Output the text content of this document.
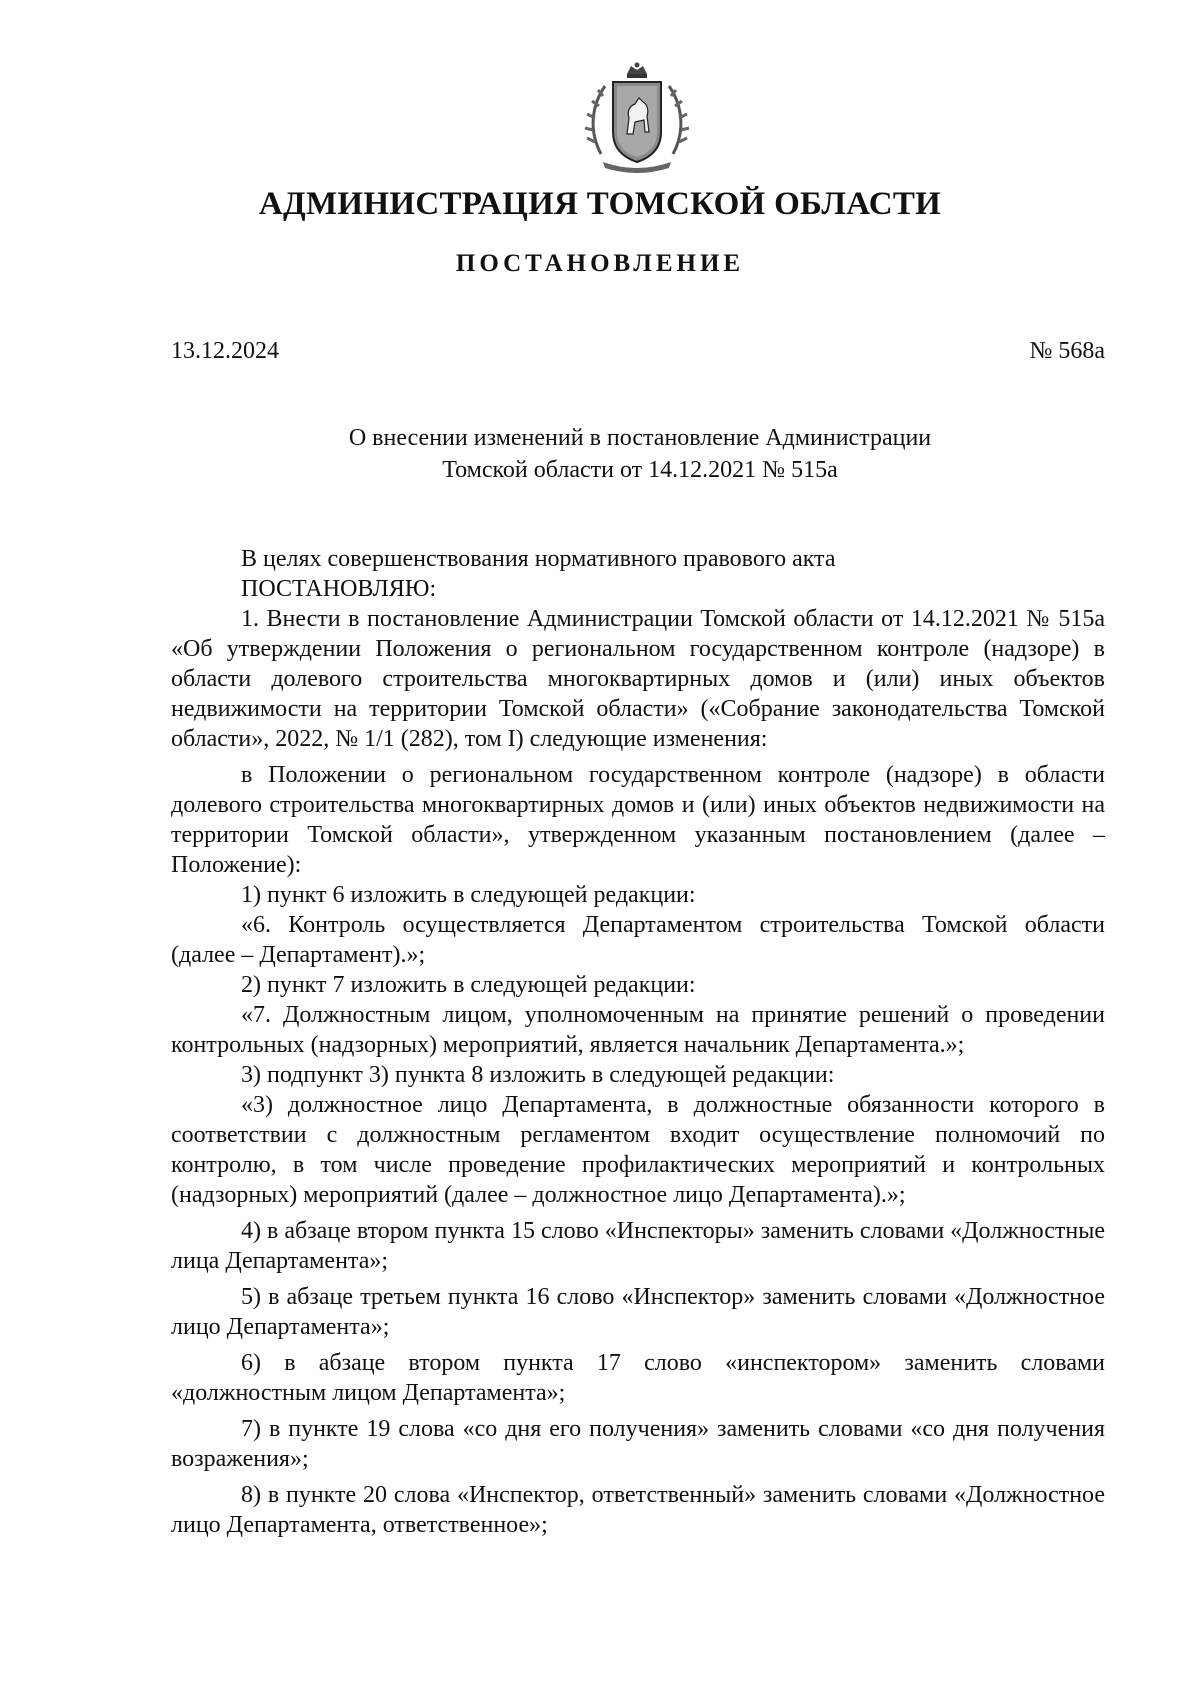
АДМИНИСТРАЦИЯ ТОМСКОЙ ОБЛАСТИ
ПОСТАНОВЛЕНИЕ
13.12.2024	№ 568а
О внесении изменений в постановление Администрации
Томской области от 14.12.2021 № 515а

В целях совершенствования нормативного правового акта

ПОСТАНОВЛЯЮ:

1. Внести в постановление Администрации Томской области от 14.12.2021 № 515а «Об утверждении Положения о региональном государственном контроле (надзоре) в области долевого строительства многоквартирных домов и (или) иных объектов недвижимости на территории Томской области» («Собрание законодательства Томской области», 2022, № 1/1 (282), том I) следующие изменения:

в Положении о региональном государственном контроле (надзоре) в области долевого строительства многоквартирных домов и (или) иных объектов недвижимости на территории Томской области», утвержденном указанным постановлением (далее – Положение):

1) пункт 6 изложить в следующей редакции:

«6. Контроль осуществляется Департаментом строительства Томской области (далее – Департамент).»;

2) пункт 7 изложить в следующей редакции:

«7. Должностным лицом, уполномоченным на принятие решений о проведении контрольных (надзорных) мероприятий, является начальник Департамента.»;

3) подпункт 3) пункта 8 изложить в следующей редакции:

«3) должностное лицо Департамента, в должностные обязанности которого в соответствии с должностным регламентом входит осуществление полномочий по контролю, в том числе проведение профилактических мероприятий и контрольных (надзорных) мероприятий (далее – должностное лицо Департамента).»;

4) в абзаце втором пункта 15 слово «Инспекторы» заменить словами «Должностные лица Департамента»;

5) в абзаце третьем пункта 16 слово «Инспектор» заменить словами «Должностное лицо Департамента»;

6) в абзаце втором пункта 17 слово «инспектором» заменить словами «должностным лицом Департамента»;

7) в пункте 19 слова «со дня его получения» заменить словами «со дня получения возражения»;

8) в пункте 20 слова «Инспектор, ответственный» заменить словами «Должностное лицо Департамента, ответственное»;
